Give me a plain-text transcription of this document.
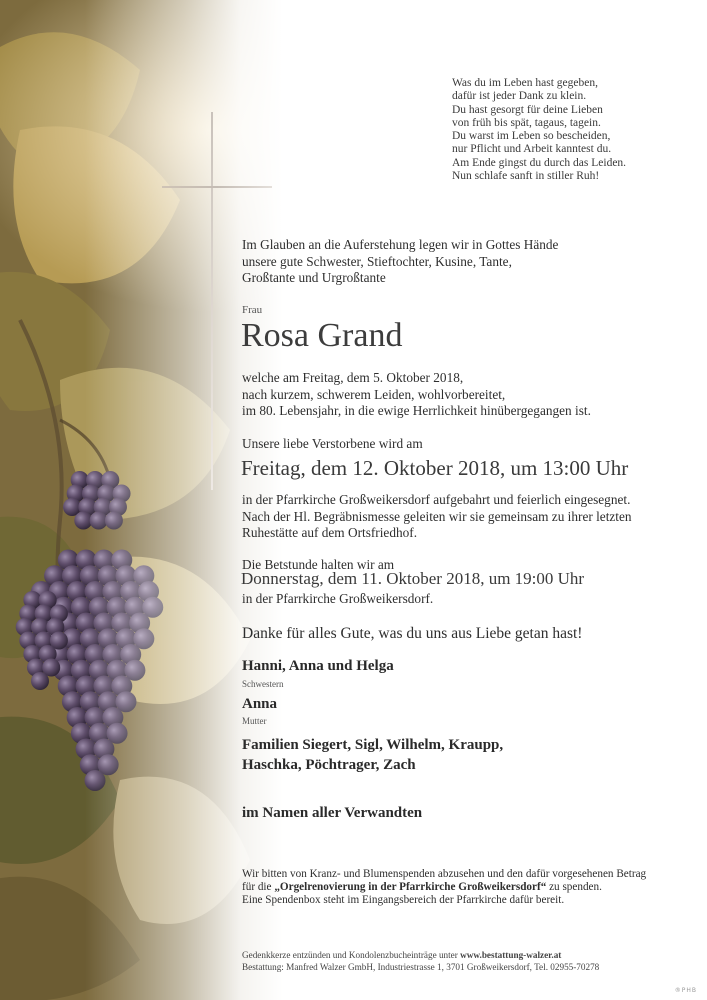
Was du im Leben hast gegeben,
dafür ist jeder Dank zu klein.
Du hast gesorgt für deine Lieben
von früh bis spät, tagaus, tagein.
Du warst im Leben so bescheiden,
nur Pflicht und Arbeit kanntest du.
Am Ende gingst du durch das Leiden.
Nun schlafe sanft in stiller Ruh!
Im Glauben an die Auferstehung legen wir in Gottes Hände
unsere gute Schwester, Stieftochter, Kusine, Tante,
Großtante und Urgroßtante
Frau
Rosa Grand
welche am Freitag, dem 5. Oktober 2018,
nach kurzem, schwerem Leiden, wohlvorbereitet,
im 80. Lebensjahr, in die ewige Herrlichkeit hinübergegangen ist.
Unsere liebe Verstorbene wird am
Freitag, dem 12. Oktober 2018, um 13:00 Uhr
in der Pfarrkirche Großweikersdorf aufgebahrt und feierlich eingesegnet.
Nach der Hl. Begräbnismesse geleiten wir sie gemeinsam zu ihrer letzten
Ruhestätte auf dem Ortsfriedhof.
Die Betstunde halten wir am
Donnerstag, dem 11. Oktober 2018, um 19:00 Uhr
in der Pfarrkirche Großweikersdorf.
Danke für alles Gute, was du uns aus Liebe getan hast!
Hanni, Anna und Helga
Schwestern
Anna
Mutter
Familien Siegert, Sigl, Wilhelm, Kraupp,
Haschka, Pöchtrager, Zach
im Namen aller Verwandten
Wir bitten von Kranz- und Blumenspenden abzusehen und den dafür vorgesehenen Betrag
für die „Orgelrenovierung in der Pfarrkirche Großweikersdorf“ zu spenden.
Eine Spendenbox steht im Eingangsbereich der Pfarrkirche dafür bereit.
Gedenkkerze entzünden und Kondolenzbucheinträge unter www.bestattung-walzer.at
Bestattung: Manfred Walzer GmbH, Industriestrasse 1, 3701 Großweikersdorf, Tel. 02955-70278
®PHB
